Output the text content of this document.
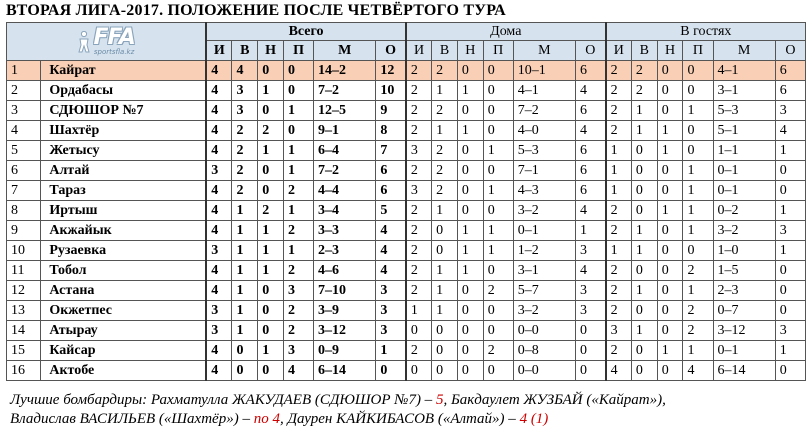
ВТОРАЯ ЛИГА-2017. ПОЛОЖЕНИЕ ПОСЛЕ ЧЕТВЁРТОГО ТУРА
FFA
sportsfla.kz		Всего						Дома						В гостях					
		И	В	Н	П	М	О	И	В	Н	П	М	О	И	В	Н	П	М	О
1	Кайрат	4	4	0	0	14–2	12	2	2	0	0	10–1	6	2	2	0	0	4–1	6
2	Ордабасы	4	3	1	0	7–2	10	2	1	1	0	4–1	4	2	2	0	0	3–1	6
3	СДЮШОР №7	4	3	0	1	12–5	9	2	2	0	0	7–2	6	2	1	0	1	5–3	3
4	Шахтёр	4	2	2	0	9–1	8	2	1	1	0	4–0	4	2	1	1	0	5–1	4
5	Жетысу	4	2	1	1	6–4	7	3	2	0	1	5–3	6	1	0	1	0	1–1	1
6	Алтай	3	2	0	1	7–2	6	2	2	0	0	7–1	6	1	0	0	1	0–1	0
7	Тараз	4	2	0	2	4–4	6	3	2	0	1	4–3	6	1	0	0	1	0–1	0
8	Иртыш	4	1	2	1	3–4	5	2	1	0	0	3–2	4	2	0	1	1	0–2	1
9	Акжайык	4	1	1	2	3–3	4	2	0	1	1	0–1	1	2	1	0	1	3–2	3
10	Рузаевка	3	1	1	1	2–3	4	2	0	1	1	1–2	3	1	1	0	0	1–0	1
11	Тобол	4	1	1	2	4–6	4	2	1	1	0	3–1	4	2	0	0	2	1–5	0
12	Астана	4	1	0	3	7–10	3	2	1	0	2	5–7	3	2	1	0	1	2–3	0
13	Окжетпес	3	1	0	2	3–9	3	1	1	0	0	3–2	3	2	0	0	2	0–7	0
14	Атырау	3	1	0	2	3–12	3	0	0	0	0	0–0	0	3	1	0	2	3–12	3
15	Кайсар	4	0	1	3	0–9	1	2	0	0	2	0–8	0	2	0	1	1	0–1	1
16	Актобе	4	0	0	4	6–14	0	0	0	0	0	0–0	0	4	0	0	4	6–14	0
Лучшие бомбардиры: Рахматулла ЖАКУДАЕВ (СДЮШОР №7) – 5, Бакдаулет ЖУЗБАЙ («Кайрат»),
Владислав ВАСИЛЬЕВ («Шахтёр») – по 4, Даурен КАЙКИБАСОВ («Алтай») – 4 (1)
